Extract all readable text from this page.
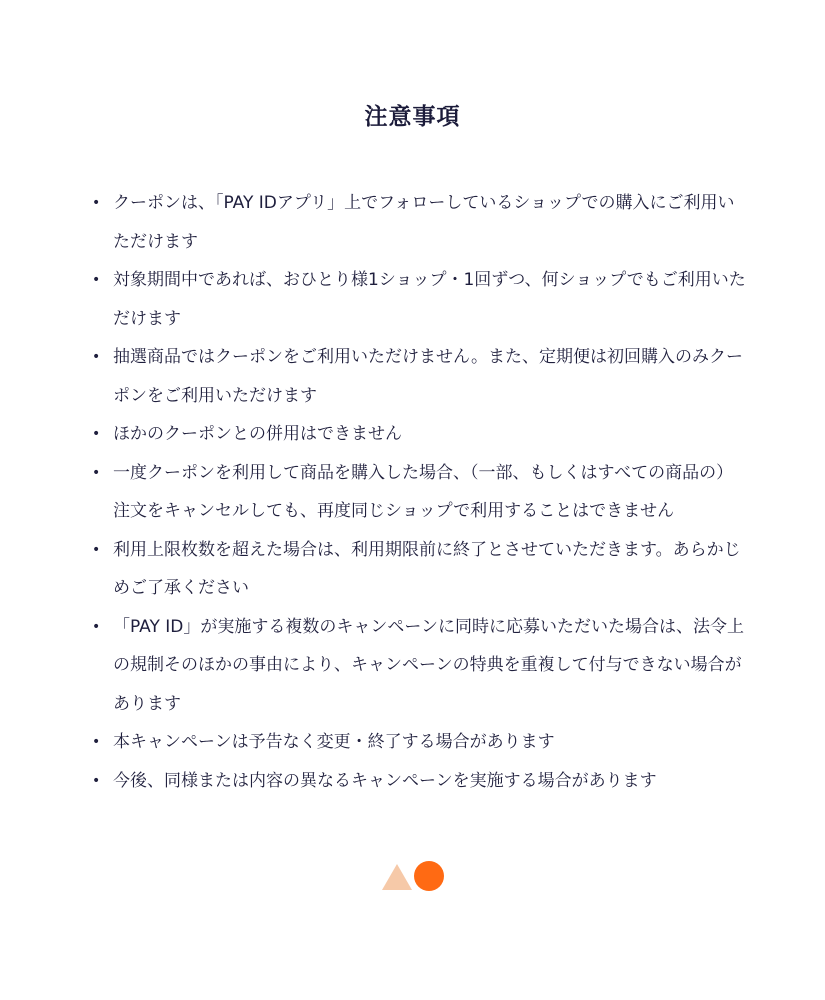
注意事項
• クーポンは、「PAY IDアプリ」上でフォローしているショップでの購入にご利用いただけます
• 対象期間中であれば、おひとり様1ショップ・1回ずつ、何ショップでもご利用いただけます
• 抽選商品ではクーポンをご利用いただけません。また、定期便は初回購入のみクーポンをご利用いただけます
• ほかのクーポンとの併用はできません
• 一度クーポンを利用して商品を購入した場合、（一部、もしくはすべての商品の）注文をキャンセルしても、再度同じショップで利用することはできません
• 利用上限枚数を超えた場合は、利用期限前に終了とさせていただきます。あらかじめご了承ください
• 「PAY ID」が実施する複数のキャンペーンに同時に応募いただいた場合は、法令上の規制そのほかの事由により、キャンペーンの特典を重複して付与できない場合があります
• 本キャンペーンは予告なく変更・終了する場合があります
• 今後、同様または内容の異なるキャンペーンを実施する場合があります
